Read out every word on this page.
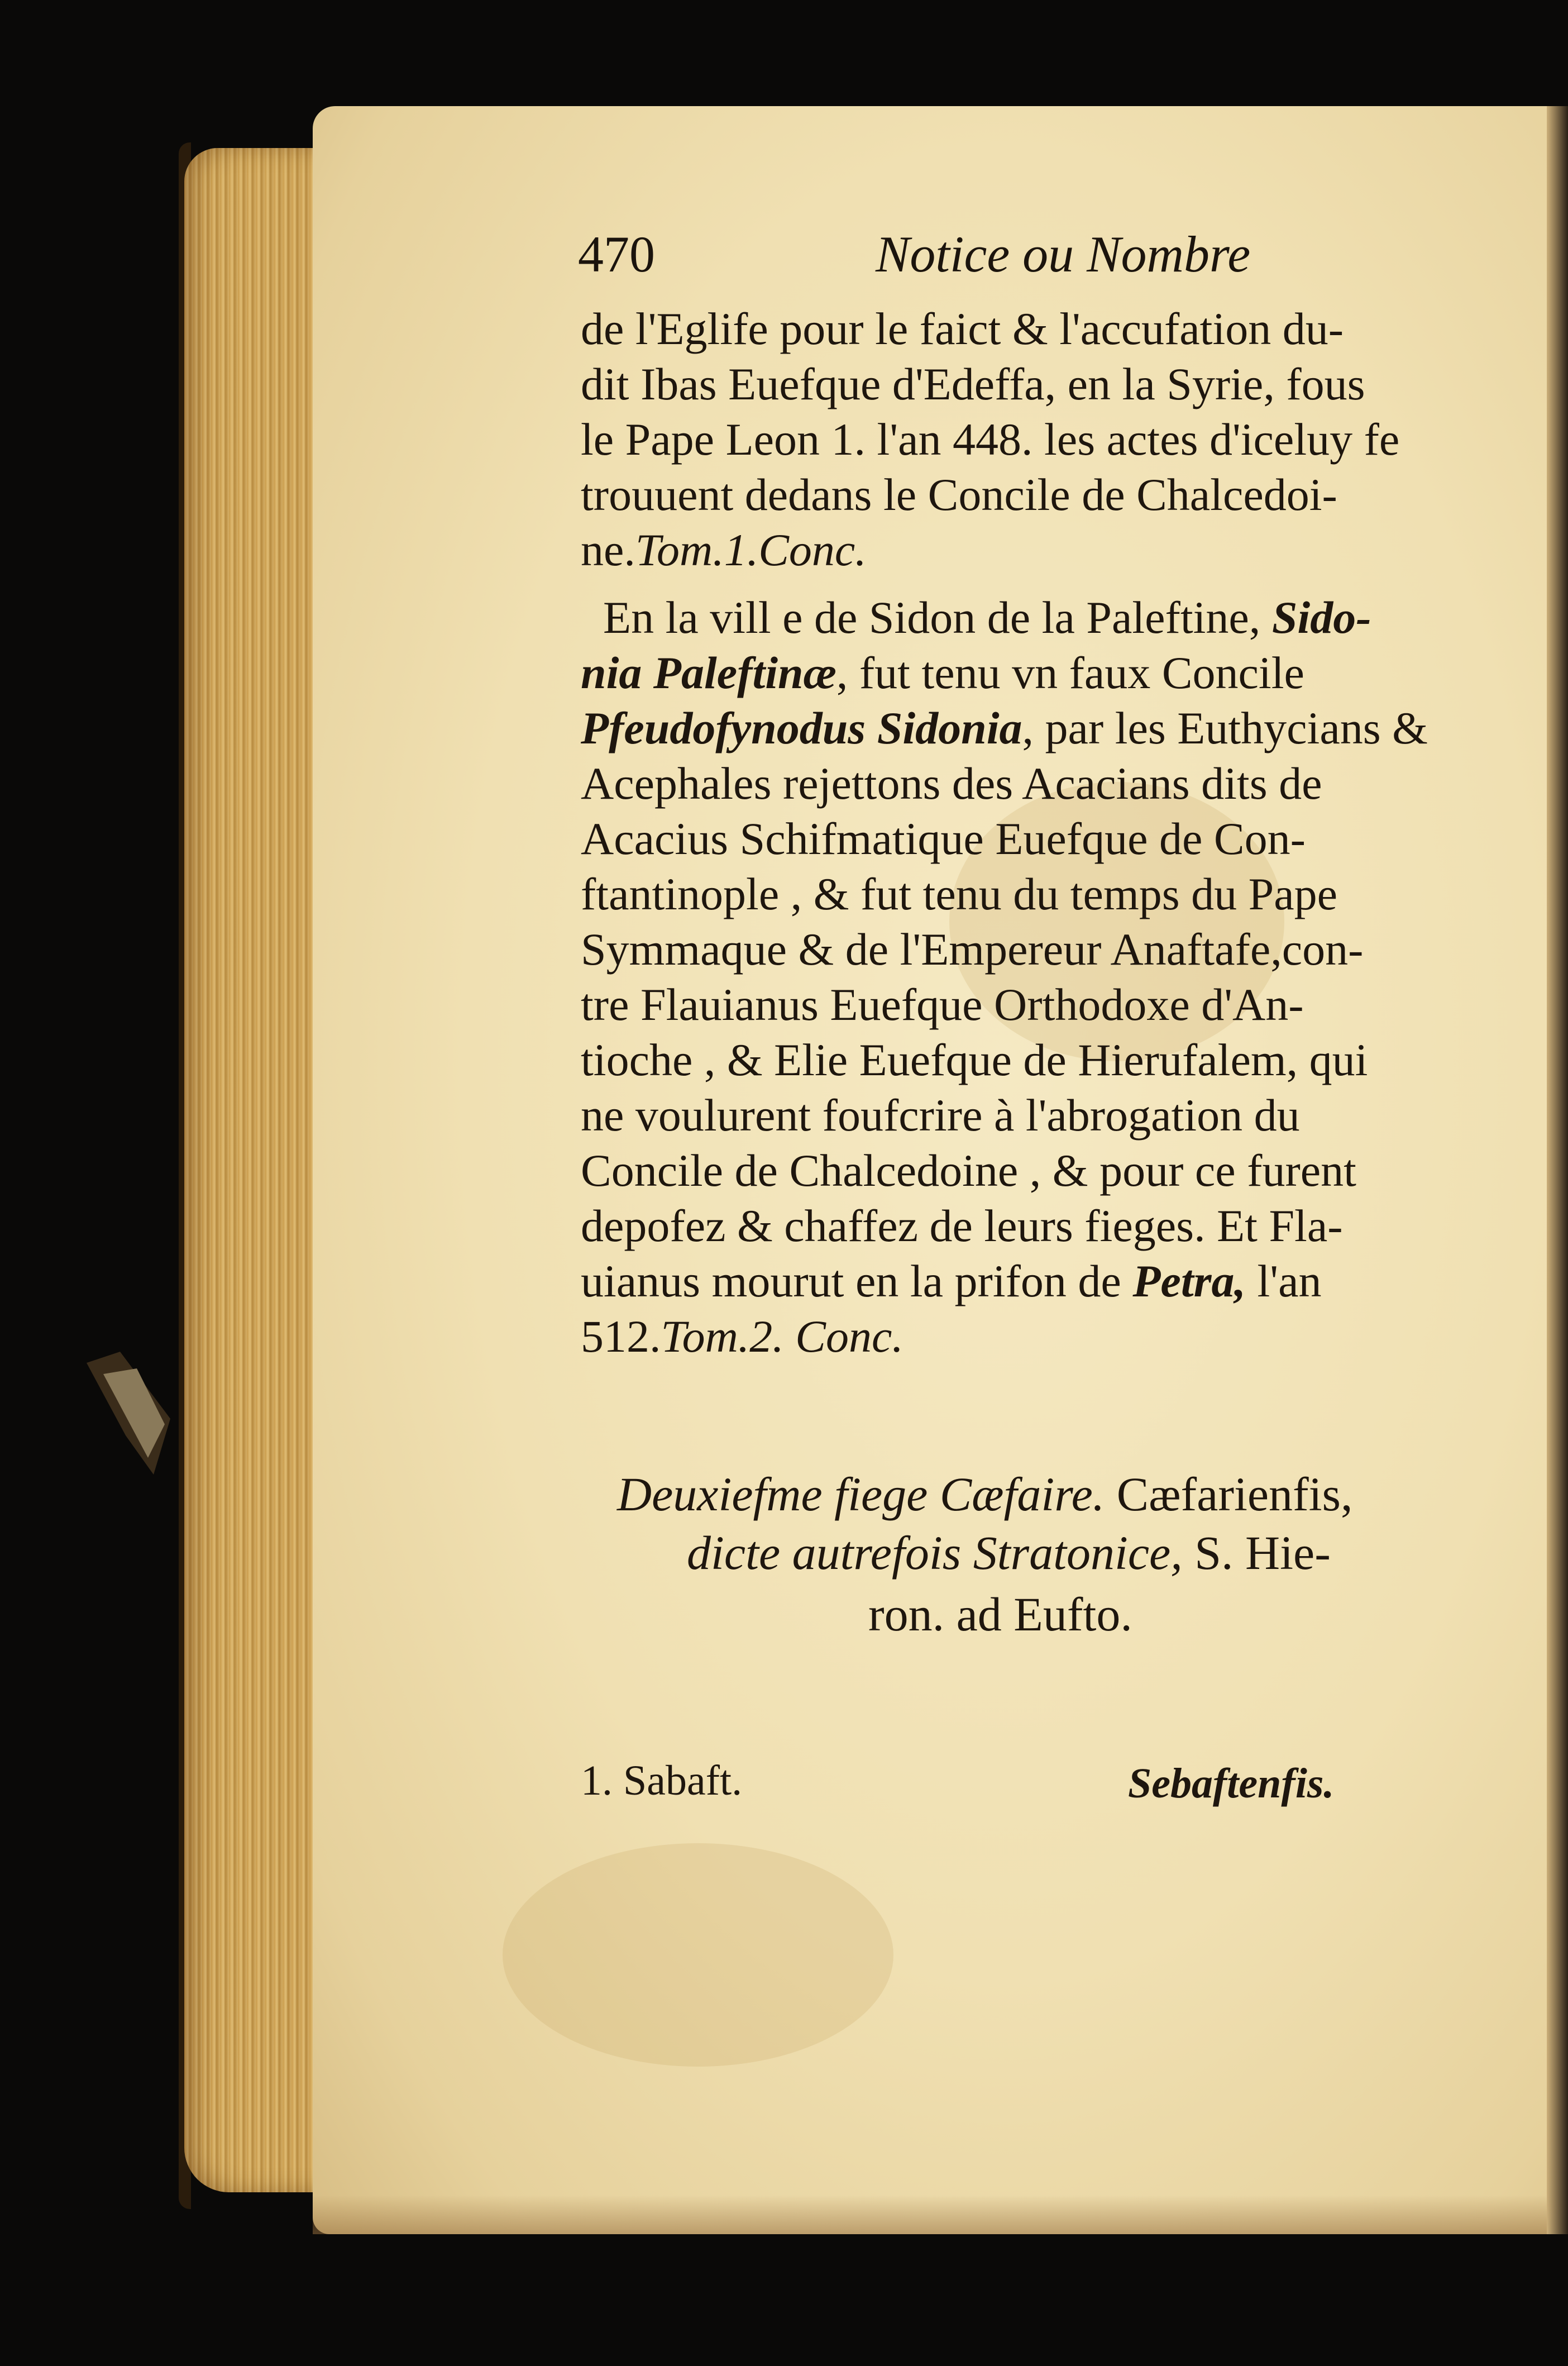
470	Notice ou Nombre
de l'Eglife pour le faict & l'accufation du-
dit Ibas Euefque d'Edeffa, en la Syrie, fous
le Pape Leon 1. l'an 448. les actes d'iceluy fe
trouuent dedans le Concile de Chalcedoi-
ne.Tom.1.Conc.
En la vill e de Sidon de la Paleftine, Sido-
nia Paleftinæ, fut tenu vn faux Concile
Pfeudofynodus Sidonia, par les Euthycians &
Acephales rejettons des Acacians dits de
Acacius Schifmatique Euefque de Con-
ftantinople , & fut tenu du temps du Pape
Symmaque & de l'Empereur Anaftafe,con-
tre Flauianus Euefque Orthodoxe d'An-
tioche , & Elie Euefque de Hierufalem, qui
ne voulurent foufcrire à l'abrogation du
Concile de Chalcedoine , & pour ce furent
depofez & chaffez de leurs fieges. Et Fla-
uianus mourut en la prifon de Petra, l'an
512.Tom.2. Conc.
Deuxiefme fiege Cæfaire. Cæfarienfis,
dicte autrefois Stratonice, S. Hie-
ron. ad Eufto.
1. Sabaft.	Sebaftenfis.
